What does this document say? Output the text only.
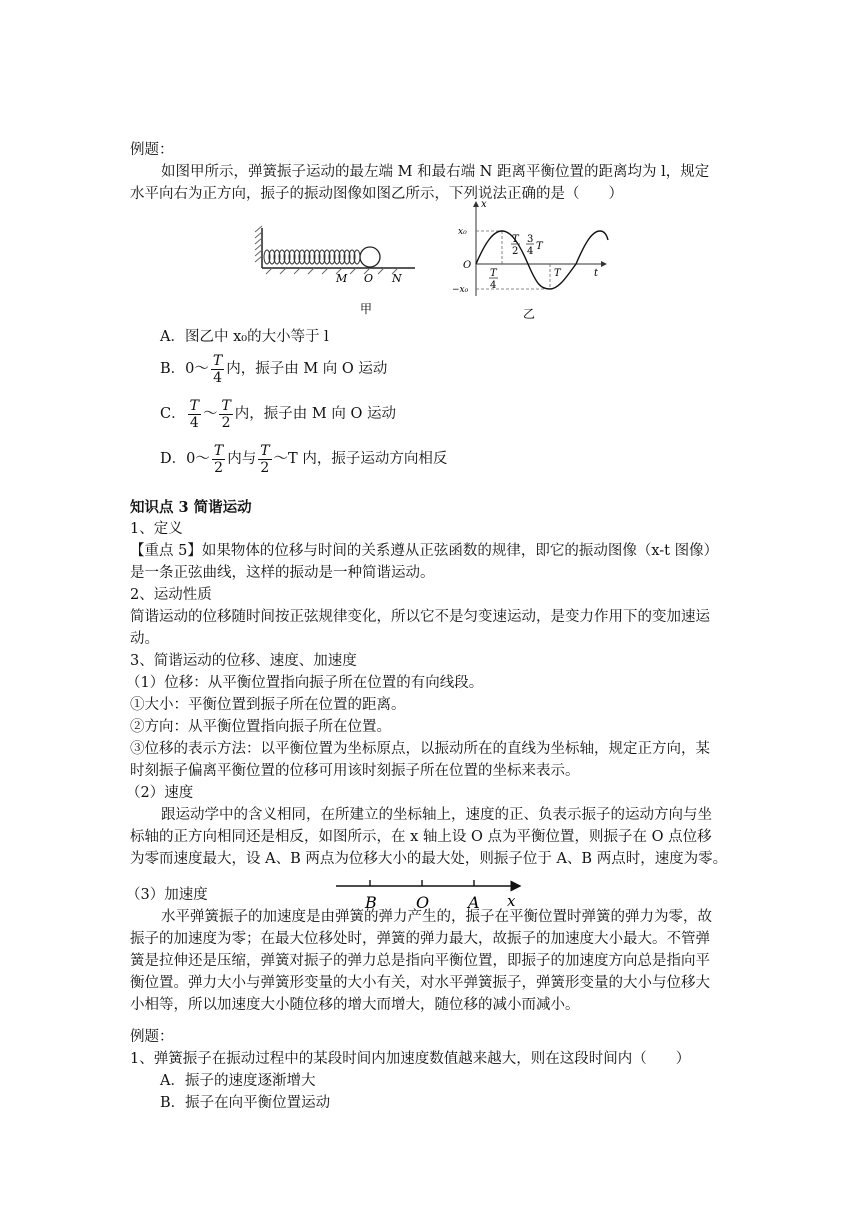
例题：
如图甲所示，弹簧振子运动的最左端 M 和最右端 N 距离平衡位置的距离均为 l，规定
水平向右为正方向，振子的振动图像如图乙所示，下列说法正确的是（　　）
M O N
甲
x
t
O
x₀
−x₀
T
2
3
4 T
T
T
4
乙
A．图乙中 x₀的大小等于 l
B．0～ $\frac{T}{4}$ 内，振子由 M 向 O 运动
C． $\frac{T}{4}$ ～ $\frac{T}{2}$ 内，振子由 M 向 O 运动
D．0～ $\frac{T}{2}$ 内与 $\frac{T}{2}$ ～T 内，振子运动方向相反
知识点 3 简谐运动
1、定义
【重点 5】如果物体的位移与时间的关系遵从正弦函数的规律，即它的振动图像（x-t 图像）
是一条正弦曲线，这样的振动是一种简谐运动。
2、运动性质
简谐运动的位移随时间按正弦规律变化，所以它不是匀变速运动，是变力作用下的变加速运
动。
3、简谐运动的位移、速度、加速度
（1）位移：从平衡位置指向振子所在位置的有向线段。
①大小：平衡位置到振子所在位置的距离。
②方向：从平衡位置指向振子所在位置。
③位移的表示方法：以平衡位置为坐标原点，以振动所在的直线为坐标轴，规定正方向，某
时刻振子偏离平衡位置的位移可用该时刻振子所在位置的坐标来表示。
（2）速度
跟运动学中的含义相同，在所建立的坐标轴上，速度的正、负表示振子的运动方向与坐
标轴的正方向相同还是相反，如图所示，在 x 轴上设 O 点为平衡位置，则振子在 O 点位移
为零而速度最大，设 A、B 两点为位移大小的最大处，则振子位于 A、B 两点时，速度为零。
B O A x
（3）加速度
水平弹簧振子的加速度是由弹簧的弹力产生的，振子在平衡位置时弹簧的弹力为零，故
振子的加速度为零；在最大位移处时，弹簧的弹力最大，故振子的加速度大小最大。不管弹
簧是拉伸还是压缩，弹簧对振子的弹力总是指向平衡位置，即振子的加速度方向总是指向平
衡位置。弹力大小与弹簧形变量的大小有关，对水平弹簧振子，弹簧形变量的大小与位移大
小相等，所以加速度大小随位移的增大而增大，随位移的减小而减小。
例题：
1、弹簧振子在振动过程中的某段时间内加速度数值越来越大，则在这段时间内（　　）
A．振子的速度逐渐增大
B．振子在向平衡位置运动
